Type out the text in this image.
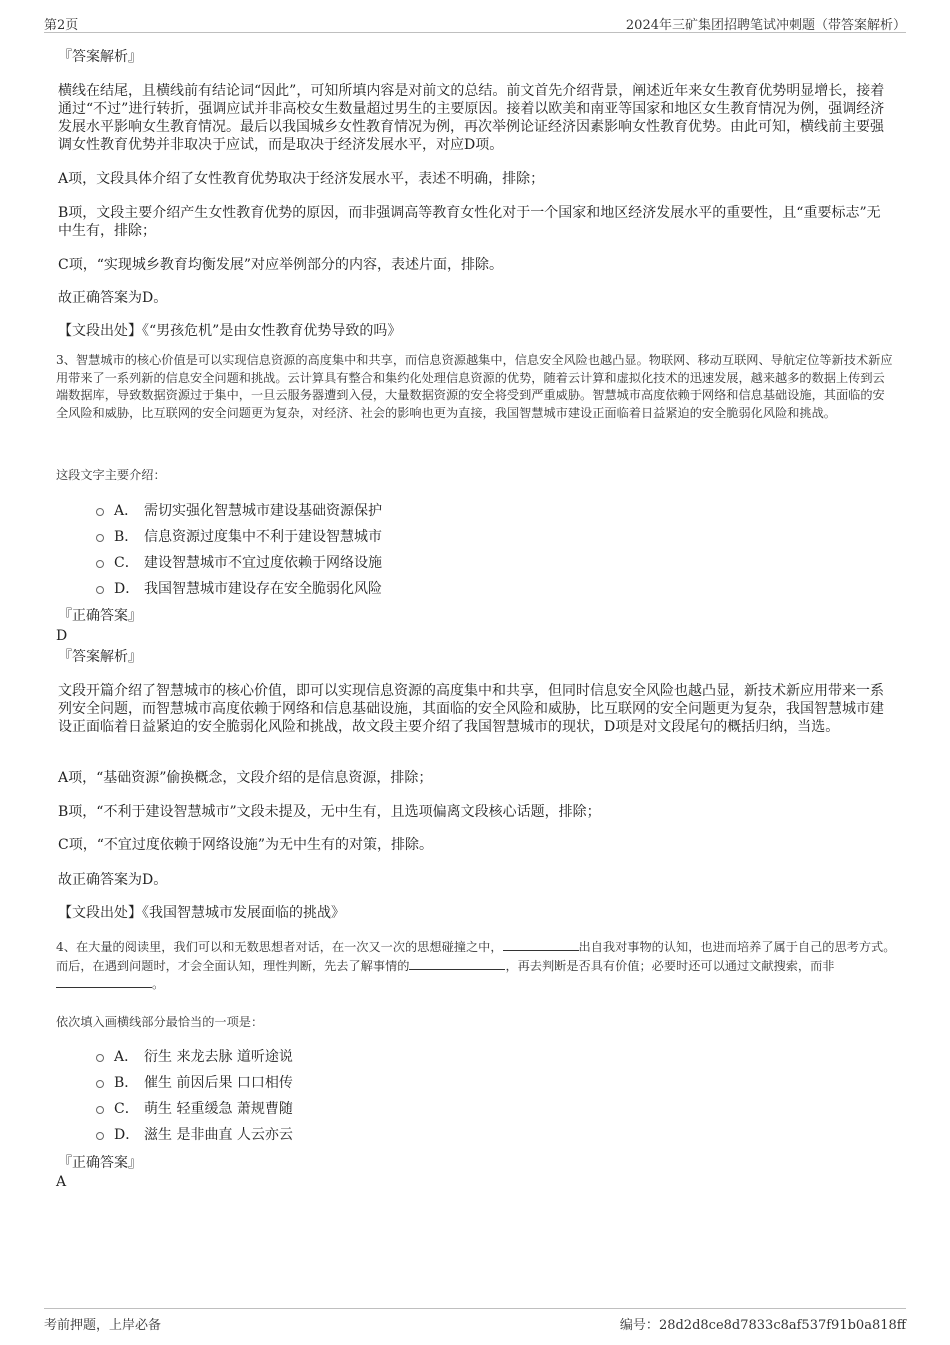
第2页	2024年三矿集团招聘笔试冲刺题（带答案解析）

『答案解析』

横线在结尾，且横线前有结论词“因此”，可知所填内容是对前文的总结。前文首先介绍背景，阐述近年来女生教育优势明显增长，接着通过“不过”进行转折，强调应试并非高校女生数量超过男生的主要原因。接着以欧美和南亚等国家和地区女生教育情况为例，强调经济发展水平影响女生教育情况。最后以我国城乡女性教育情况为例，再次举例论证经济因素影响女性教育优势。由此可知，横线前主要强调女性教育优势并非取决于应试，而是取决于经济发展水平，对应D项。

A项，文段具体介绍了女性教育优势取决于经济发展水平，表述不明确，排除；

B项，文段主要介绍产生女性教育优势的原因，而非强调高等教育女性化对于一个国家和地区经济发展水平的重要性，且“重要标志”无中生有，排除；

C项，“实现城乡教育均衡发展”对应举例部分的内容，表述片面，排除。

故正确答案为D。

【文段出处】《“男孩危机”是由女性教育优势导致的吗》

3、智慧城市的核心价值是可以实现信息资源的高度集中和共享，而信息资源越集中，信息安全风险也越凸显。物联网、移动互联网、导航定位等新技术新应用带来了一系列新的信息安全问题和挑战。云计算具有整合和集约化处理信息资源的优势，随着云计算和虚拟化技术的迅速发展，越来越多的数据上传到云端数据库，导致数据资源过于集中，一旦云服务器遭到入侵，大量数据资源的安全将受到严重威胁。智慧城市高度依赖于网络和信息基础设施，其面临的安全风险和威胁，比互联网的安全问题更为复杂，对经济、社会的影响也更为直接，我国智慧城市建设正面临着日益紧迫的安全脆弱化风险和挑战。

这段文字主要介绍：

A． 需切实强化智慧城市建设基础资源保护
B． 信息资源过度集中不利于建设智慧城市
C． 建设智慧城市不宜过度依赖于网络设施
D． 我国智慧城市建设存在安全脆弱化风险

『正确答案』

D

『答案解析』

文段开篇介绍了智慧城市的核心价值，即可以实现信息资源的高度集中和共享，但同时信息安全风险也越凸显，新技术新应用带来一系列安全问题，而智慧城市高度依赖于网络和信息基础设施，其面临的安全风险和威胁，比互联网的安全问题更为复杂，我国智慧城市建设正面临着日益紧迫的安全脆弱化风险和挑战，故文段主要介绍了我国智慧城市的现状，D项是对文段尾句的概括归纳，当选。

A项，“基础资源”偷换概念，文段介绍的是信息资源，排除；

B项，“不利于建设智慧城市”文段未提及，无中生有，且选项偏离文段核心话题，排除；

C项，“不宜过度依赖于网络设施”为无中生有的对策，排除。

故正确答案为D。

【文段出处】《我国智慧城市发展面临的挑战》

4、在大量的阅读里，我们可以和无数思想者对话，在一次又一次的思想碰撞之中，	出自我对事物的认知，也进而培养了属于自己的思考方式。而后，在遇到问题时，才会全面认知，理性判断，先去了解事情的	，再去判断是否具有价值；必要时还可以通过文献搜索，而非。

依次填入画横线部分最恰当的一项是：

A． 衍生 来龙去脉 道听途说
B． 催生 前因后果 口口相传
C． 萌生 轻重缓急 萧规曹随
D． 滋生 是非曲直 人云亦云

『正确答案』

A

考前押题，上岸必备	编号：28d2d8ce8d7833c8af537f91b0a818ff
